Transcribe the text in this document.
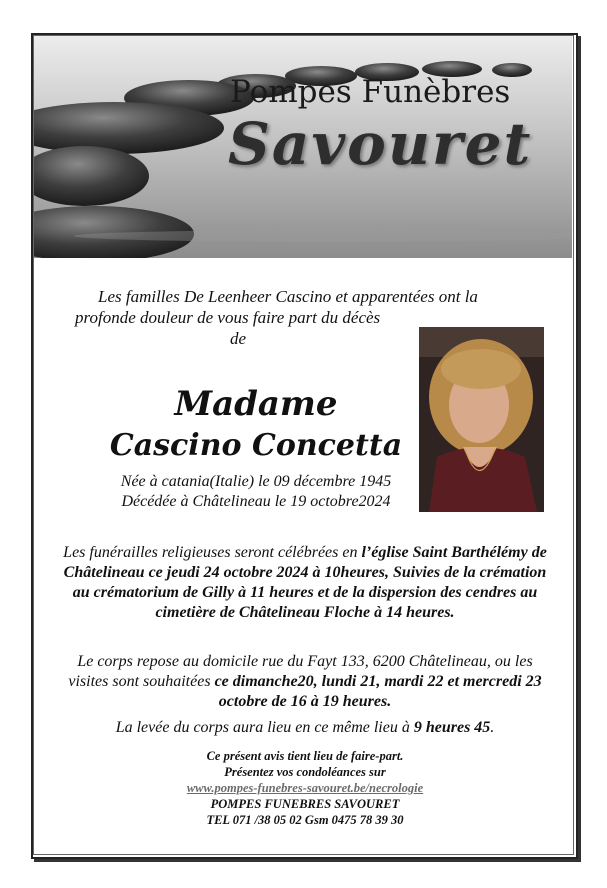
Pompes Funèbres
Savouret
Les familles De Leenheer Cascino et apparentées ont la
profonde douleur de vous faire part du décès
de
Madame
Cascino Concetta
Née à catania(Italie) le 09 décembre 1945
Décédée à Châtelineau le 19 octobre2024
Les funérailles religieuses seront célébrées en l’église Saint Barthélémy de Châtelineau ce jeudi 24 octobre 2024 à 10heures, Suivies de la crémation au crématorium de Gilly à 11 heures et de la dispersion des cendres au cimetière de Châtelineau Floche à 14 heures.
Le corps repose au domicile rue du Fayt 133, 6200 Châtelineau, ou les visites sont souhaitées ce dimanche20, lundi 21, mardi 22 et mercredi 23 octobre de 16 à 19 heures.
La levée du corps aura lieu en ce même lieu à 9 heures 45.
Ce présent avis tient lieu de faire-part.
Présentez vos condoléances sur
www.pompes-funebres-savouret.be/necrologie
POMPES FUNEBRES SAVOURET
TEL 071 /38 05 02 Gsm 0475 78 39 30
